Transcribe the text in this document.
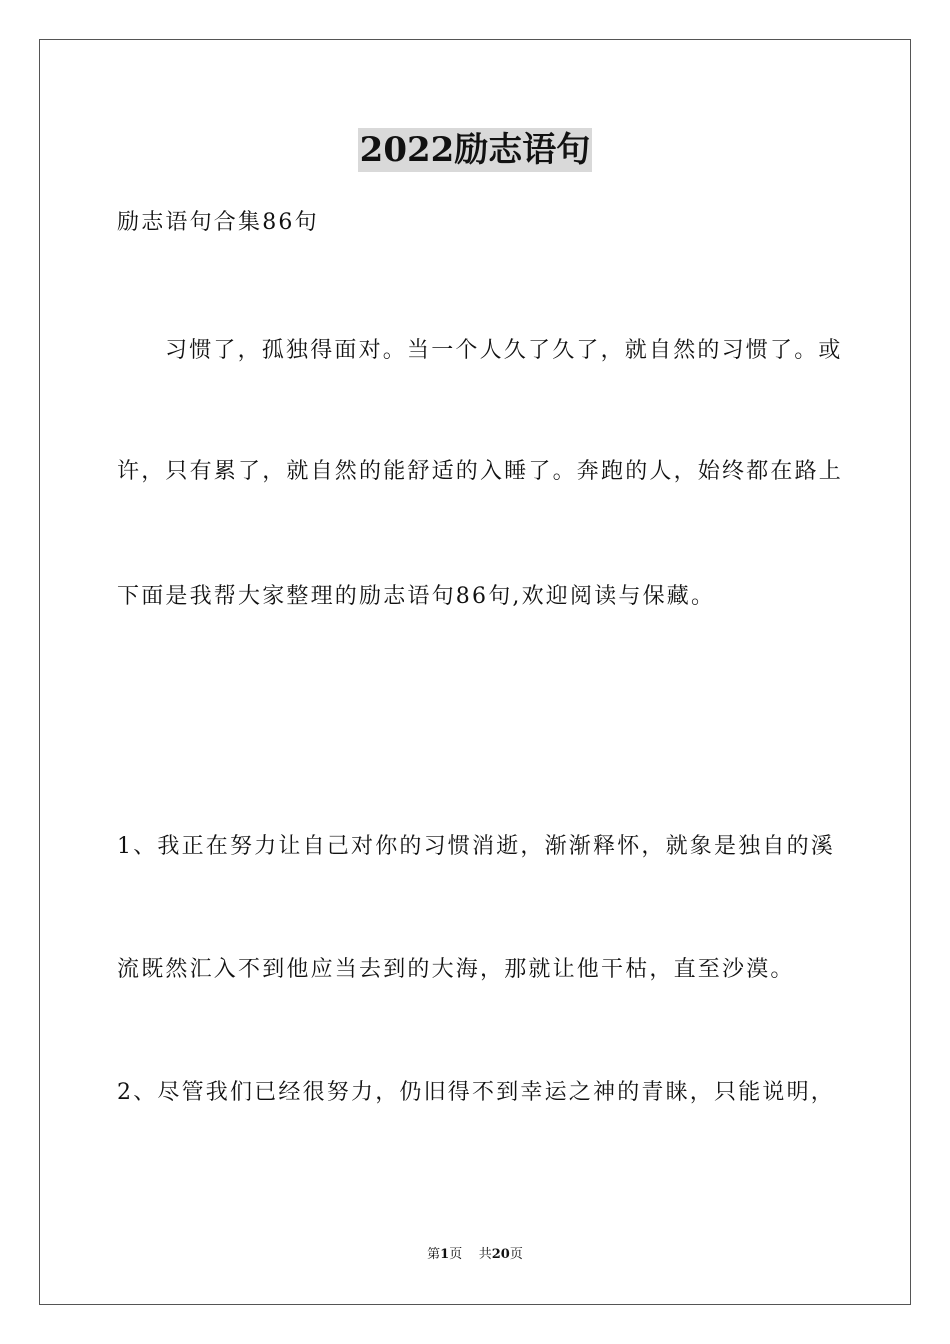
2022励志语句
励志语句合集86句
习惯了，孤独得面对。当一个人久了久了，就自然的习惯了。或
许，只有累了，就自然的能舒适的入睡了。奔跑的人，始终都在路上
下面是我帮大家整理的励志语句86句,欢迎阅读与保藏。
1、我正在努力让自己对你的习惯消逝，渐渐释怀，就象是独自的溪
流既然汇入不到他应当去到的大海，那就让他干枯，直至沙漠。
2、尽管我们已经很努力，仍旧得不到幸运之神的青睐，只能说明，
第1页 共20页
